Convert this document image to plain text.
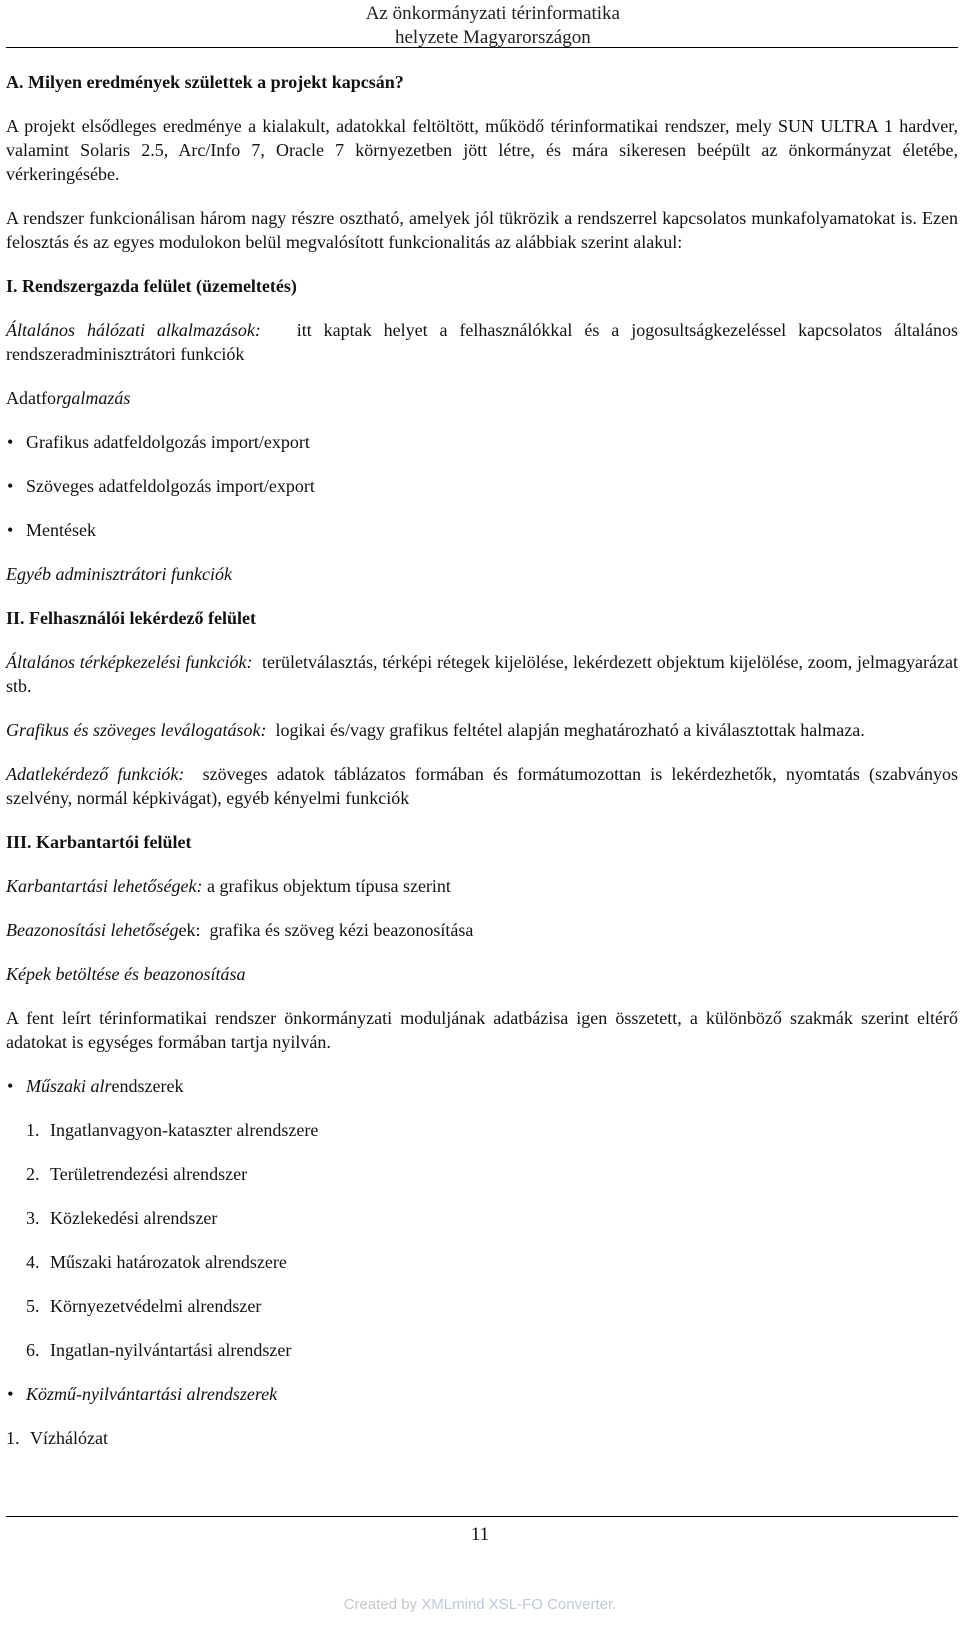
Az önkormányzati térinformatika
helyzete Magyarországon
A. Milyen eredmények születtek a projekt kapcsán?

A projekt elsődleges eredménye a kialakult, adatokkal feltöltött, működő térinformatikai rendszer, mely SUN ULTRA 1 hardver, valamint Solaris 2.5, Arc/Info 7, Oracle 7 környezetben jött létre, és mára sikeresen beépült az önkormányzat életébe, vérkeringésébe.

A rendszer funkcionálisan három nagy részre osztható, amelyek jól tükrözik a rendszerrel kapcsolatos munkafolyamatokat is. Ezen felosztás és az egyes modulokon belül megvalósított funkcionalitás az alábbiak szerint alakul:

I. Rendszergazda felület (üzemeltetés)

Általános hálózati alkalmazások: itt kaptak helyet a felhasználókkal és a jogosultságkezeléssel kapcsolatos általános rendszeradminisztrátori funkciók

Adatforgalmazás

• Grafikus adatfeldolgozás import/export
• Szöveges adatfeldolgozás import/export
• Mentések

Egyéb adminisztrátori funkciók

II. Felhasználói lekérdező felület

Általános térképkezelési funkciók: területválasztás, térképi rétegek kijelölése, lekérdezett objektum kijelölése, zoom, jelmagyarázat stb.

Grafikus és szöveges leválogatások: logikai és/vagy grafikus feltétel alapján meghatározható a kiválasztottak halmaza.

Adatlekérdező funkciók: szöveges adatok táblázatos formában és formátumozottan is lekérdezhetők, nyomtatás (szabványos szelvény, normál képkivágat), egyéb kényelmi funkciók

III. Karbantartói felület

Karbantartási lehetőségek: a grafikus objektum típusa szerint

Beazonosítási lehetőségek: grafika és szöveg kézi beazonosítása

Képek betöltése és beazonosítása

A fent leírt térinformatikai rendszer önkormányzati moduljának adatbázisa igen összetett, a különböző szakmák szerint eltérő adatokat is egységes formában tartja nyilván.

• Műszaki alrendszerek
1. Ingatlanvagyon-kataszter alrendszere
2. Területrendezési alrendszer
3. Közlekedési alrendszer
4. Műszaki határozatok alrendszere
5. Környezetvédelmi alrendszer
6. Ingatlan-nyilvántartási alrendszer
• Közmű-nyilvántartási alrendszerek
1. Vízhálózat
11
Created by XMLmind XSL-FO Converter.
